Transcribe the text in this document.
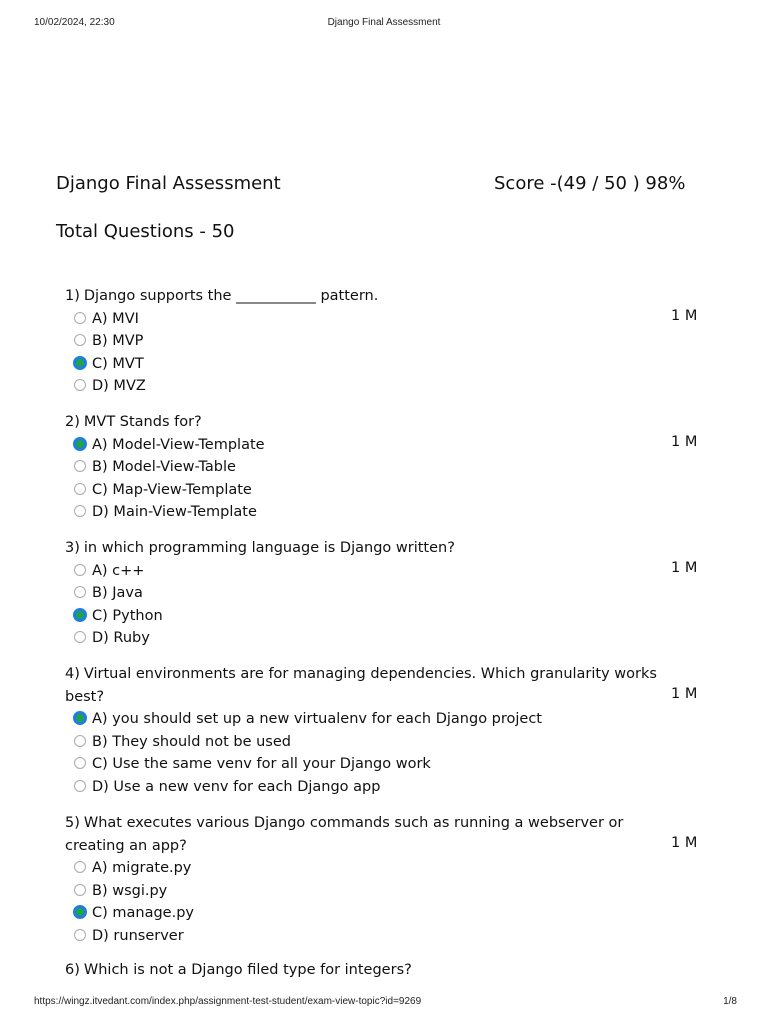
10/02/2024, 22:30	Django Final Assessment
Django Final Assessment	Score -(49 / 50 ) 98%
Total Questions - 50
1) Django supports the ___________ pattern.
1 M
A) MVI
B) MVP
C) MVT
D) MVZ
2) MVT Stands for?
1 M
A) Model-View-Template
B) Model-View-Table
C) Map-View-Template
D) Main-View-Template
3) in which programming language is Django written?
1 M
A) c++
B) Java
C) Python
D) Ruby
4) Virtual environments are for managing dependencies. Which granularity works best?	1 M
A) you should set up a new virtualenv for each Django project
B) They should not be used
C) Use the same venv for all your Django work
D) Use a new venv for each Django app
5) What executes various Django commands such as running a webserver or creating an app?	1 M
A) migrate.py
B) wsgi.py
C) manage.py
D) runserver
6) Which is not a Django filed type for integers?
https://wingz.itvedant.com/index.php/assignment-test-student/exam-view-topic?id=9269	1/8
